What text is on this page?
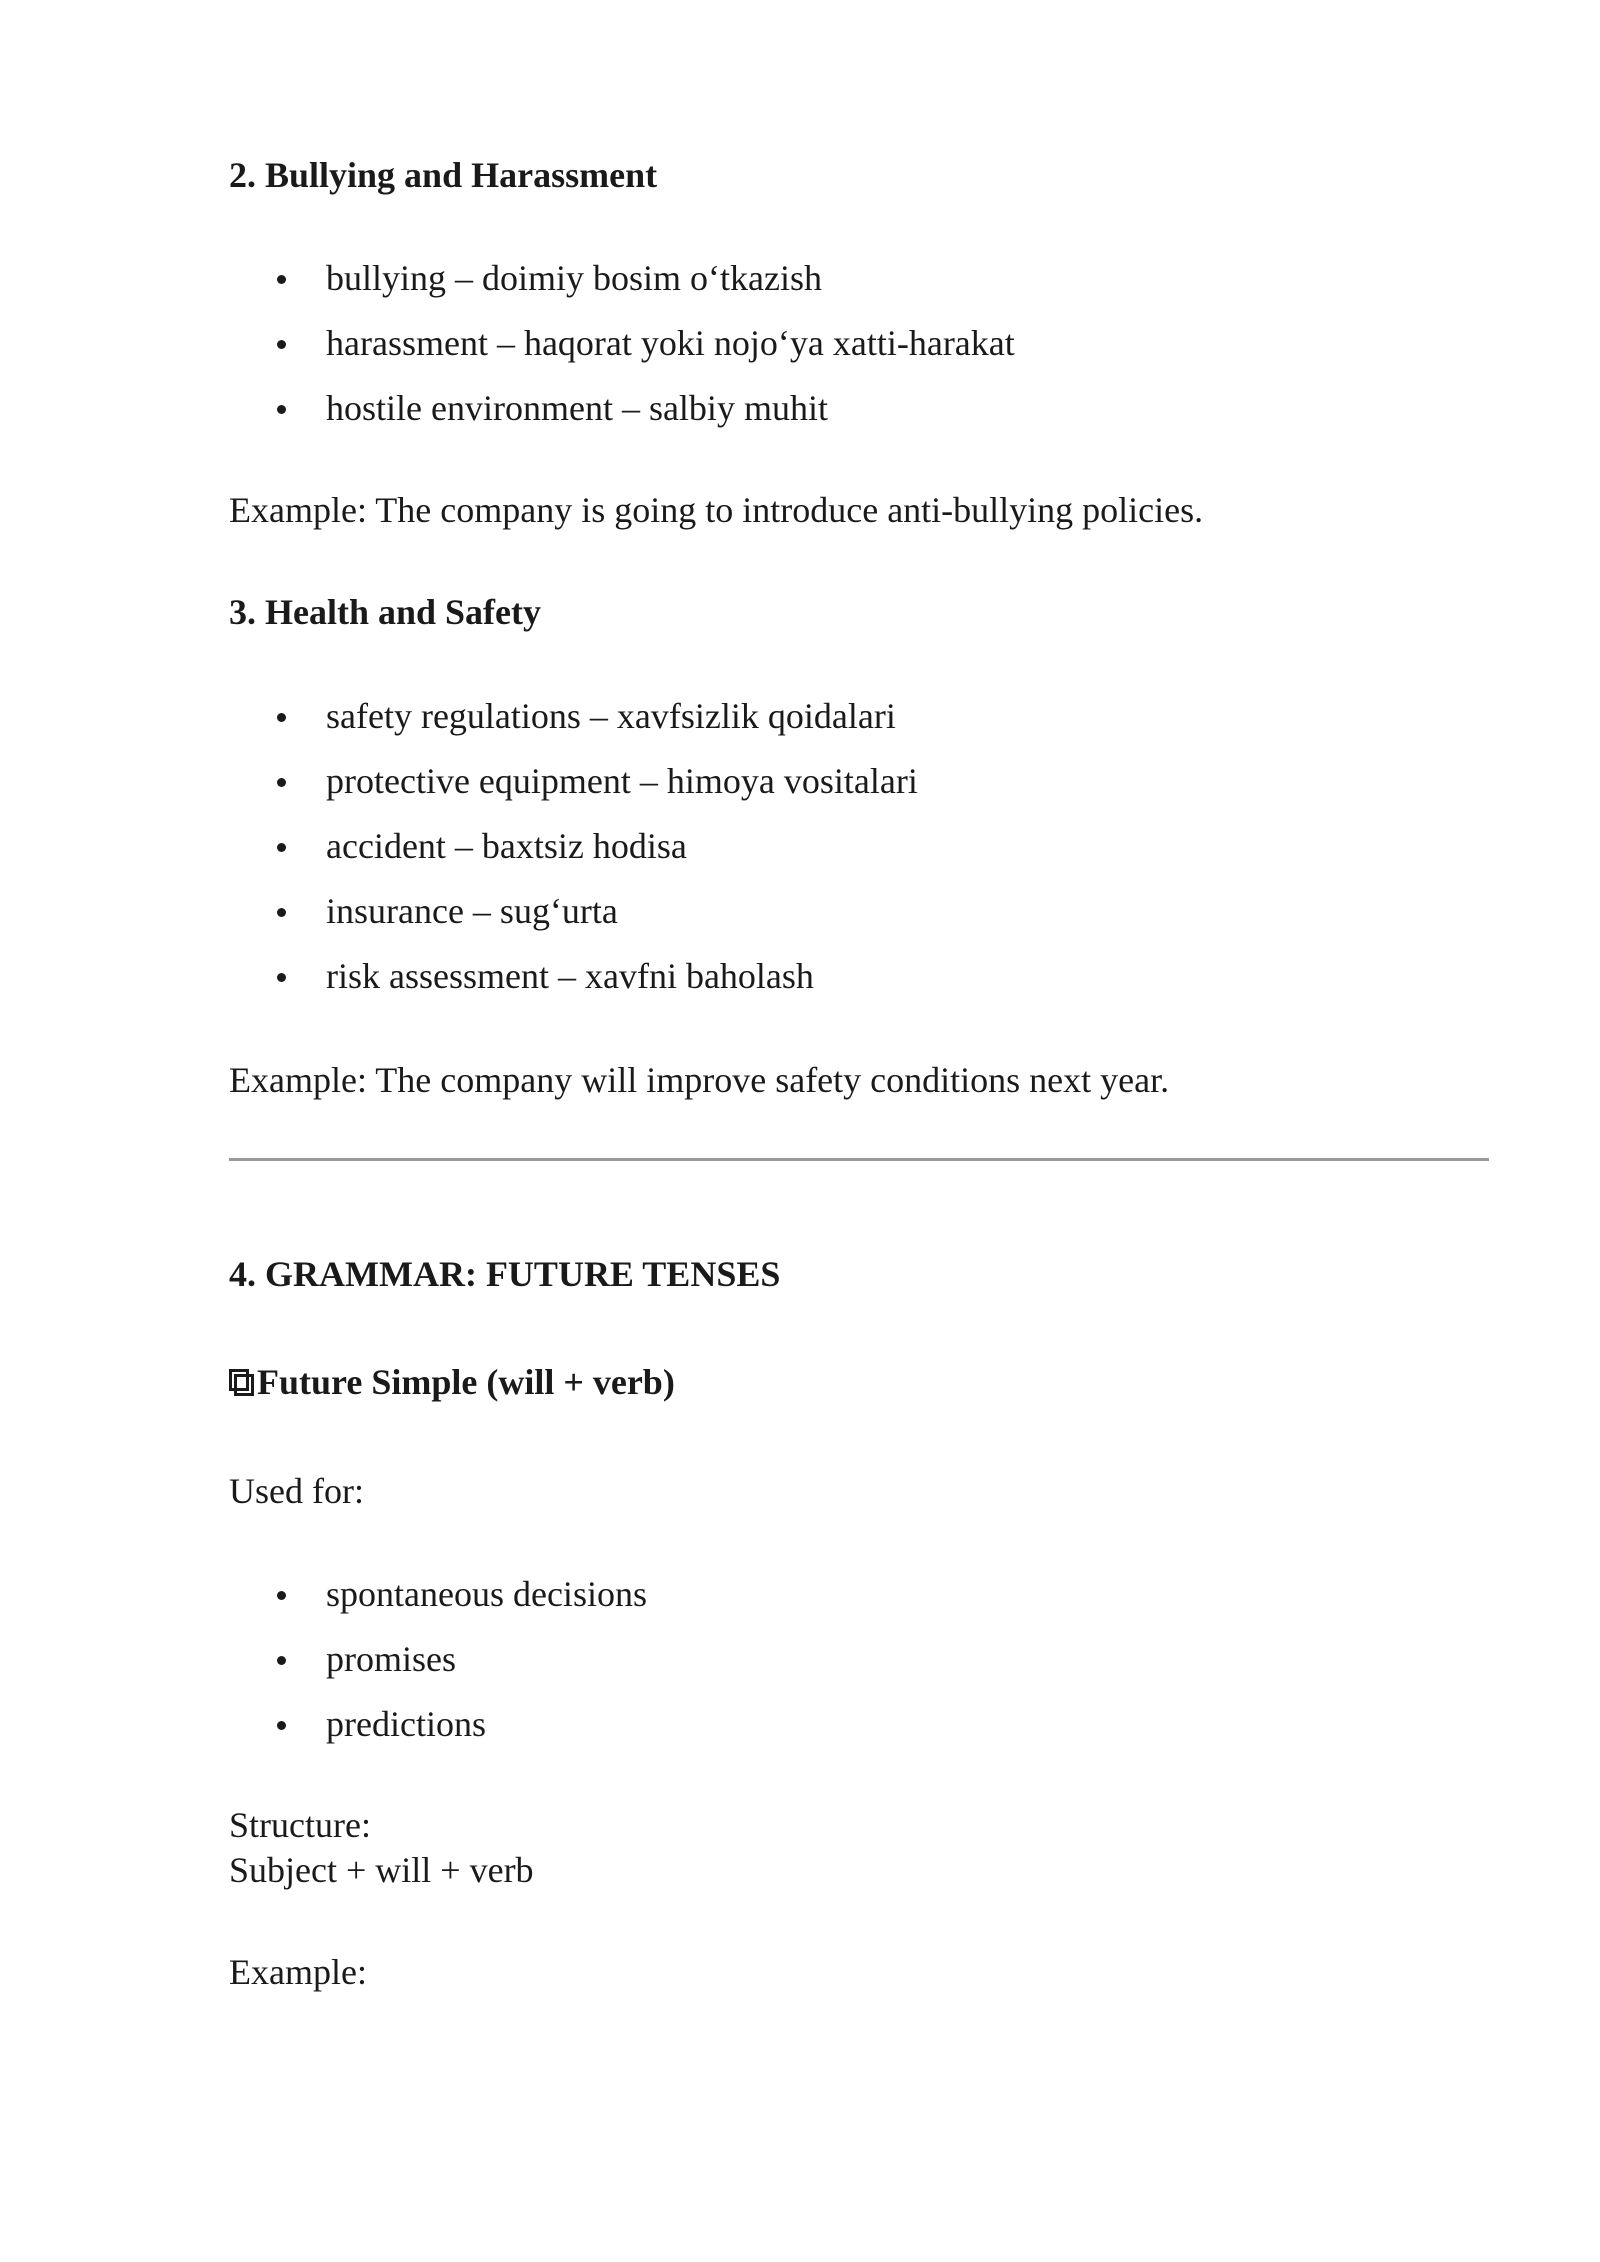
2. Bullying and Harassment
bullying – doimiy bosim o‘tkazish
harassment – haqorat yoki nojo‘ya xatti-harakat
hostile environment – salbiy muhit
Example: The company is going to introduce anti-bullying policies.
3. Health and Safety
safety regulations – xavfsizlik qoidalari
protective equipment – himoya vositalari
accident – baxtsiz hodisa
insurance – sug‘urta
risk assessment – xavfni baholash
Example: The company will improve safety conditions next year.
4. GRAMMAR: FUTURE TENSES
Future Simple (will + verb)
Used for:
spontaneous decisions
promises
predictions
Structure:
Subject + will + verb
Example:
